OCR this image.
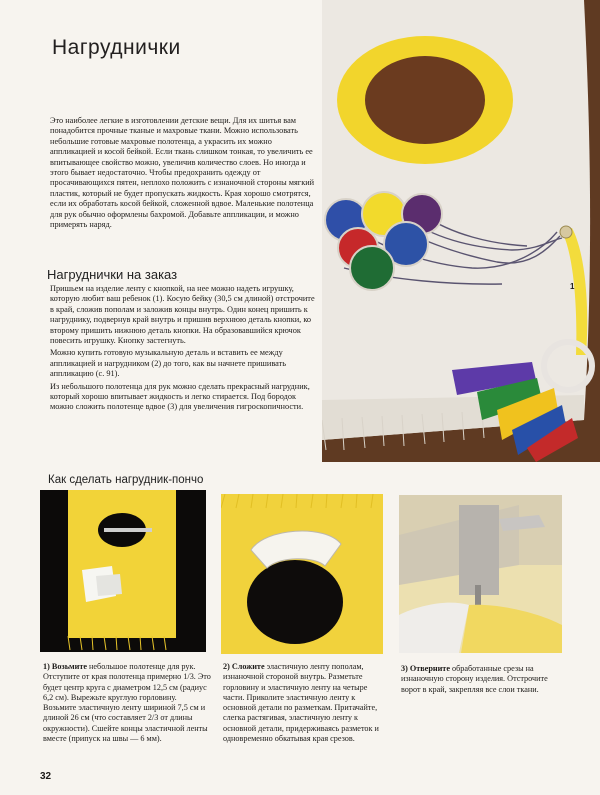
Нагруднички
Это наиболее легкие в изготовлении детские вещи. Для их шитья вам понадобится прочные тканые и махровые ткани. Можно использовать небольшие готовые махровые полотенца, а украсить их можно аппликацией и косой бейкой. Если ткань слишком тонкая, то увеличить ее впитывающее свойство можно, увеличив количество слоев. Но иногда и этого бывает недостаточно. Чтобы предохранить одежду от просачивающихся пятен, неплохо положить с изнаночной стороны мягкий пластик, который не будет пропускать жидкость. Края хорошо смотрятся, если их обработать косой бейкой, сложенной вдвое. Маленькие полотенца для рук обычно оформлены бахромой. Добавьте аппликации, и можно примерять наряд.
Нагруднички на заказ

Пришьем на изделие ленту с кнопкой, на нее можно надеть игрушку, которую любит ваш ребенок (1). Косую бейку (30,5 см длиной) отстрочите в край, сложив пополам и заложив концы внутрь. Один конец пришить к нагруднику, подвернув край внутрь и пришив верхнюю деталь кнопки, ко второму пришить нижнюю деталь кнопки. На образовавшийся крючок повесить игрушку. Кнопку застегнуть.

Можно купить готовую музыкальную деталь и вставить ее между аппликацией и нагрудником (2) до того, как вы начнете пришивать аппликацию (с. 91).

Из небольшого полотенца для рук можно сделать прекрасный нагрудник, который хорошо впитывает жидкость и легко стирается. Под бородок можно сложить полотенце вдвое (3) для увеличения гигроскопичности.

1
Как сделать нагрудник-пончо
1) Возьмите небольшое полотенце для рук. Отступите от края полотенца примерно 1/3. Это будет центр круга с диаметром 12,5 см (радиус 6,2 см). Вырежьте круглую горловину. Возьмите эластичную ленту шириной 7,5 см и длиной 26 см (что составляет 2/3 от длины окружности). Сшейте концы эластичной ленты вместе (припуск на швы — 6 мм).
2) Сложите эластичную ленту пополам, изнаночной стороной внутрь. Разметьте горловину и эластичную ленту на четыре части. Приколите эластичную ленту к основной детали по разметкам. Притачайте, слегка растягивая, эластичную ленту к основной детали, придерживаясь разметок и одновременно обкатывая края срезов.
3) Отверните обработанные срезы на изнаночную сторону изделия. Отстрочите ворот в край, закрепляя все слои ткани.
32
